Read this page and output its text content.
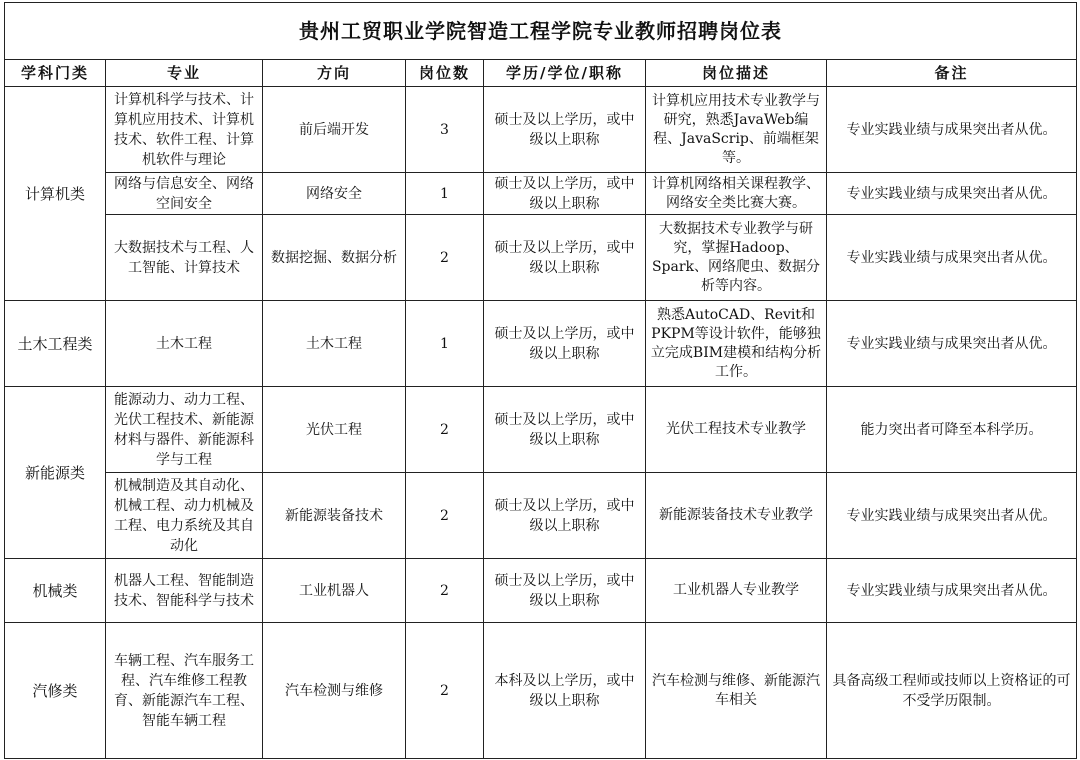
贵州工贸职业学院智造工程学院专业教师招聘岗位表						
学科门类	专业	方向	岗位数	学历/学位/职称	岗位描述	备注
计算机类	计算机科学与技术、计算机应用技术、计算机技术、软件工程、计算机软件与理论	前后端开发	3	硕士及以上学历，或中级以上职称	计算机应用技术专业教学与研究，熟悉JavaWeb编程、JavaScrip、前端框架等。	专业实践业绩与成果突出者从优。
	网络与信息安全、网络空间安全	网络安全	1	硕士及以上学历，或中级以上职称	计算机网络相关课程教学、网络安全类比赛大赛。	专业实践业绩与成果突出者从优。
	大数据技术与工程、人工智能、计算技术	数据挖掘、数据分析	2	硕士及以上学历，或中级以上职称	大数据技术专业教学与研究，掌握Hadoop、Spark、网络爬虫、数据分析等内容。	专业实践业绩与成果突出者从优。
土木工程类	土木工程	土木工程	1	硕士及以上学历，或中级以上职称	熟悉AutoCAD、Revit和PKPM等设计软件，能够独立完成BIM建模和结构分析工作。	专业实践业绩与成果突出者从优。
新能源类	能源动力、动力工程、光伏工程技术、新能源材料与器件、新能源科学与工程	光伏工程	2	硕士及以上学历，或中级以上职称	光伏工程技术专业教学	能力突出者可降至本科学历。
	机械制造及其自动化、机械工程、动力机械及工程、电力系统及其自动化	新能源装备技术	2	硕士及以上学历，或中级以上职称	新能源装备技术专业教学	专业实践业绩与成果突出者从优。
机械类	机器人工程、智能制造技术、智能科学与技术	工业机器人	2	硕士及以上学历，或中级以上职称	工业机器人专业教学	专业实践业绩与成果突出者从优。
汽修类	车辆工程、汽车服务工程、汽车维修工程教育、新能源汽车工程、智能车辆工程	汽车检测与维修	2	本科及以上学历，或中级以上职称	汽车检测与维修、新能源汽车相关	具备高级工程师或技师以上资格证的可不受学历限制。
